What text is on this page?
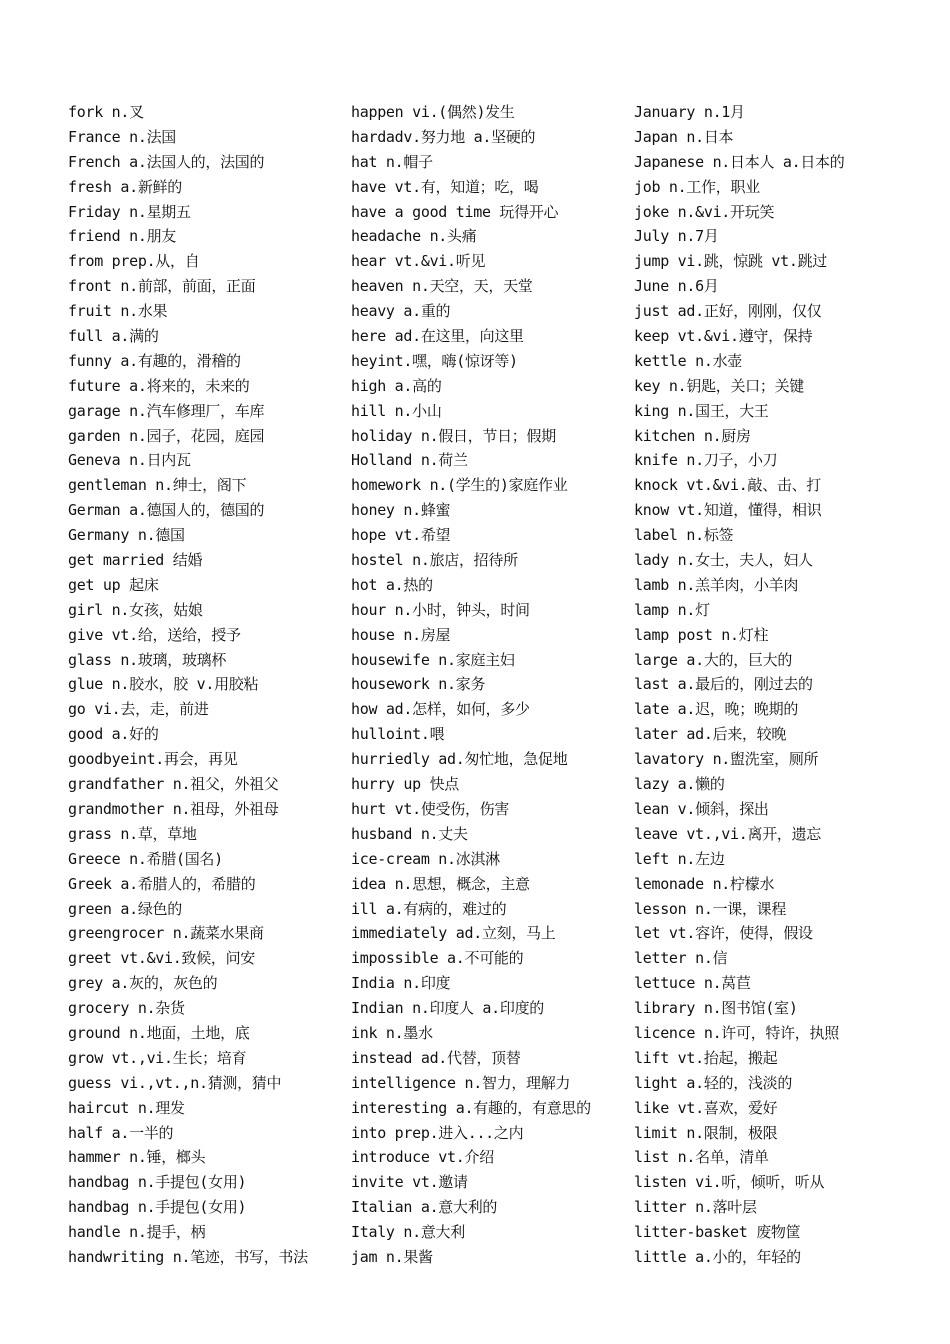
fork n.叉
France n.法国
French a.法国人的，法国的
fresh a.新鲜的
Friday n.星期五
friend n.朋友
from prep.从，自
front n.前部，前面，正面
fruit n.水果
full a.满的
funny a.有趣的，滑稽的
future a.将来的，未来的
garage n.汽车修理厂，车库
garden n.园子，花园，庭园
Geneva n.日内瓦
gentleman n.绅士，阁下
German a.德国人的，德国的
Germany n.德国
get married 结婚
get up 起床
girl n.女孩，姑娘
give vt.给，送给，授予
glass n.玻璃，玻璃杯
glue n.胶水，胶 v.用胶粘
go vi.去，走，前进
good a.好的
goodbyeint.再会，再见
grandfather n.祖父，外祖父
grandmother n.祖母，外祖母
grass n.草，草地
Greece n.希腊(国名)
Greek a.希腊人的，希腊的
green a.绿色的
greengrocer n.蔬菜水果商
greet vt.&vi.致候，问安
grey a.灰的，灰色的
grocery n.杂货
ground n.地面，土地，底
grow vt.,vi.生长；培育
guess vi.,vt.,n.猜测，猜中
haircut n.理发
half a.一半的
hammer n.锤，榔头
handbag n.手提包(女用)
handbag n.手提包(女用)
handle n.提手，柄
handwriting n.笔迹，书写，书法
happen vi.(偶然)发生
hardadv.努力地 a.坚硬的
hat n.帽子
have vt.有，知道；吃，喝
have a good time 玩得开心
headache n.头痛
hear vt.&vi.听见
heaven n.天空，天，天堂
heavy a.重的
here ad.在这里，向这里
heyint.嘿，嗨(惊讶等)
high a.高的
hill n.小山
holiday n.假日，节日；假期
Holland n.荷兰
homework n.(学生的)家庭作业
honey n.蜂蜜
hope vt.希望
hostel n.旅店，招待所
hot a.热的
hour n.小时，钟头，时间
house n.房屋
housewife n.家庭主妇
housework n.家务
how ad.怎样，如何，多少
hulloint.喂
hurriedly ad.匆忙地，急促地
hurry up 快点
hurt vt.使受伤，伤害
husband n.丈夫
ice-cream n.冰淇淋
idea n.思想，概念，主意
ill a.有病的，难过的
immediately ad.立刻，马上
impossible a.不可能的
India n.印度
Indian n.印度人 a.印度的
ink n.墨水
instead ad.代替，顶替
intelligence n.智力，理解力
interesting a.有趣的，有意思的
into prep.进入...之内
introduce vt.介绍
invite vt.邀请
Italian a.意大利的
Italy n.意大利
jam n.果酱
January n.1月
Japan n.日本
Japanese n.日本人 a.日本的
job n.工作，职业
joke n.&vi.开玩笑
July n.7月
jump vi.跳，惊跳 vt.跳过
June n.6月
just ad.正好，刚刚，仅仅
keep vt.&vi.遵守，保持
kettle n.水壶
key n.钥匙，关口；关键
king n.国王，大王
kitchen n.厨房
knife n.刀子，小刀
knock vt.&vi.敲、击、打
know vt.知道，懂得，相识
label n.标签
lady n.女士，夫人，妇人
lamb n.羔羊肉，小羊肉
lamp n.灯
lamp post n.灯柱
large a.大的，巨大的
last a.最后的，刚过去的
late a.迟，晚；晚期的
later ad.后来，较晚
lavatory n.盥洗室，厕所
lazy a.懒的
lean v.倾斜，探出
leave vt.,vi.离开，遗忘
left n.左边
lemonade n.柠檬水
lesson n.一课，课程
let vt.容许，使得，假设
letter n.信
lettuce n.莴苣
library n.图书馆(室)
licence n.许可，特许，执照
lift vt.抬起，搬起
light a.轻的，浅淡的
like vt.喜欢，爱好
limit n.限制，极限
list n.名单，清单
listen vi.听，倾听，听从
litter n.落叶层
litter-basket 废物筐
little a.小的，年轻的
